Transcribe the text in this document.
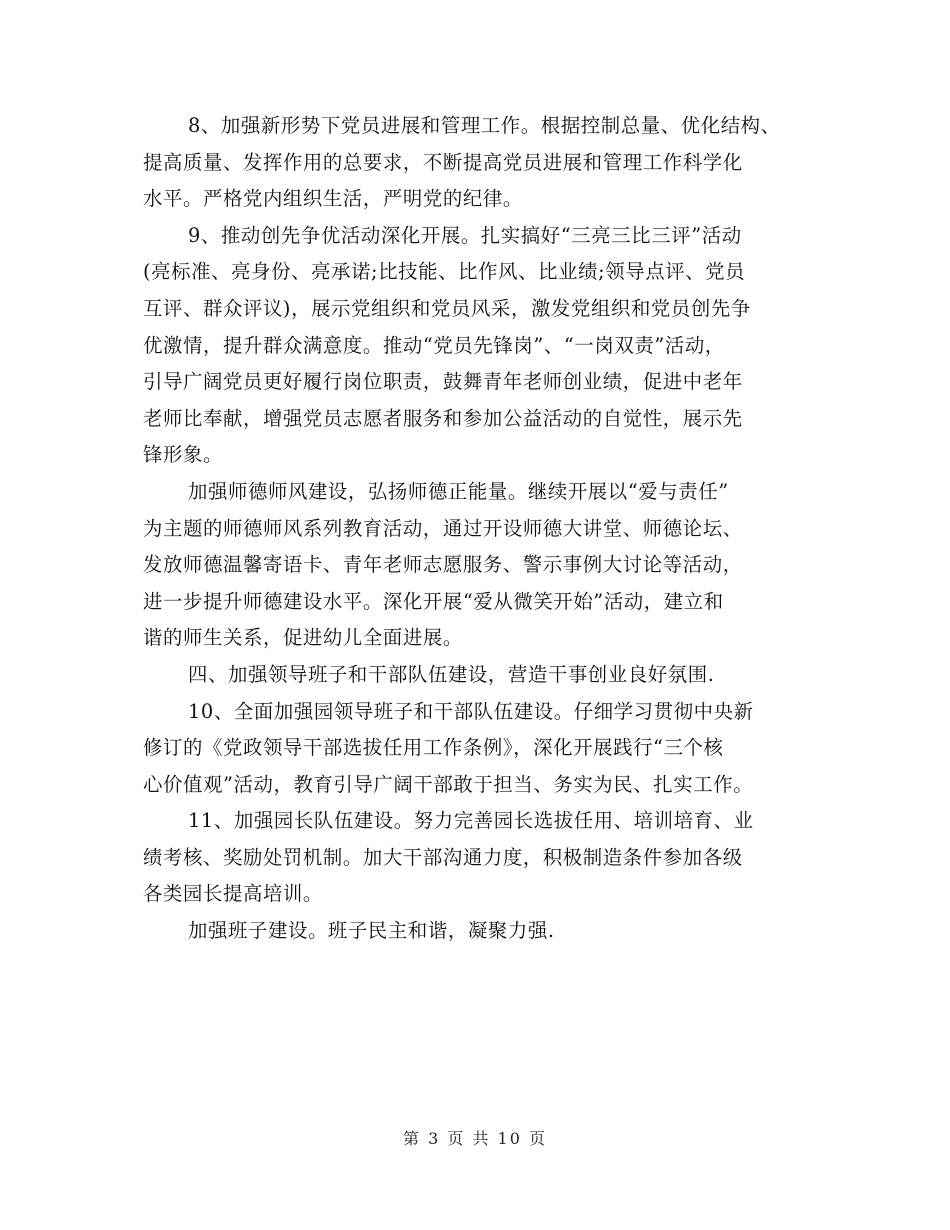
8、加强新形势下党员进展和管理工作。根据控制总量、优化结构、
提高质量、发挥作用的总要求，不断提高党员进展和管理工作科学化
水平。严格党内组织生活，严明党的纪律。
9、推动创先争优活动深化开展。扎实搞好“三亮三比三评”活动
(亮标准、亮身份、亮承诺;比技能、比作风、比业绩;领导点评、党员
互评、群众评议)，展示党组织和党员风采，激发党组织和党员创先争
优激情，提升群众满意度。推动“党员先锋岗”、“一岗双责”活动，
引导广阔党员更好履行岗位职责，鼓舞青年老师创业绩，促进中老年
老师比奉献，增强党员志愿者服务和参加公益活动的自觉性，展示先
锋形象。
加强师德师风建设，弘扬师德正能量。继续开展以“爱与责任”
为主题的师德师风系列教育活动，通过开设师德大讲堂、师德论坛、
发放师德温馨寄语卡、青年老师志愿服务、警示事例大讨论等活动，
进一步提升师德建设水平。深化开展“爱从微笑开始”活动，建立和
谐的师生关系，促进幼儿全面进展。
四、加强领导班子和干部队伍建设，营造干事创业良好氛围.
10、全面加强园领导班子和干部队伍建设。仔细学习贯彻中央新
修订的《党政领导干部选拔任用工作条例》，深化开展践行“三个核
心价值观”活动，教育引导广阔干部敢于担当、务实为民、扎实工作。
11、加强园长队伍建设。努力完善园长选拔任用、培训培育、业
绩考核、奖励处罚机制。加大干部沟通力度，积极制造条件参加各级
各类园长提高培训。
加强班子建设。班子民主和谐，凝聚力强.
第 3 页 共 10 页
